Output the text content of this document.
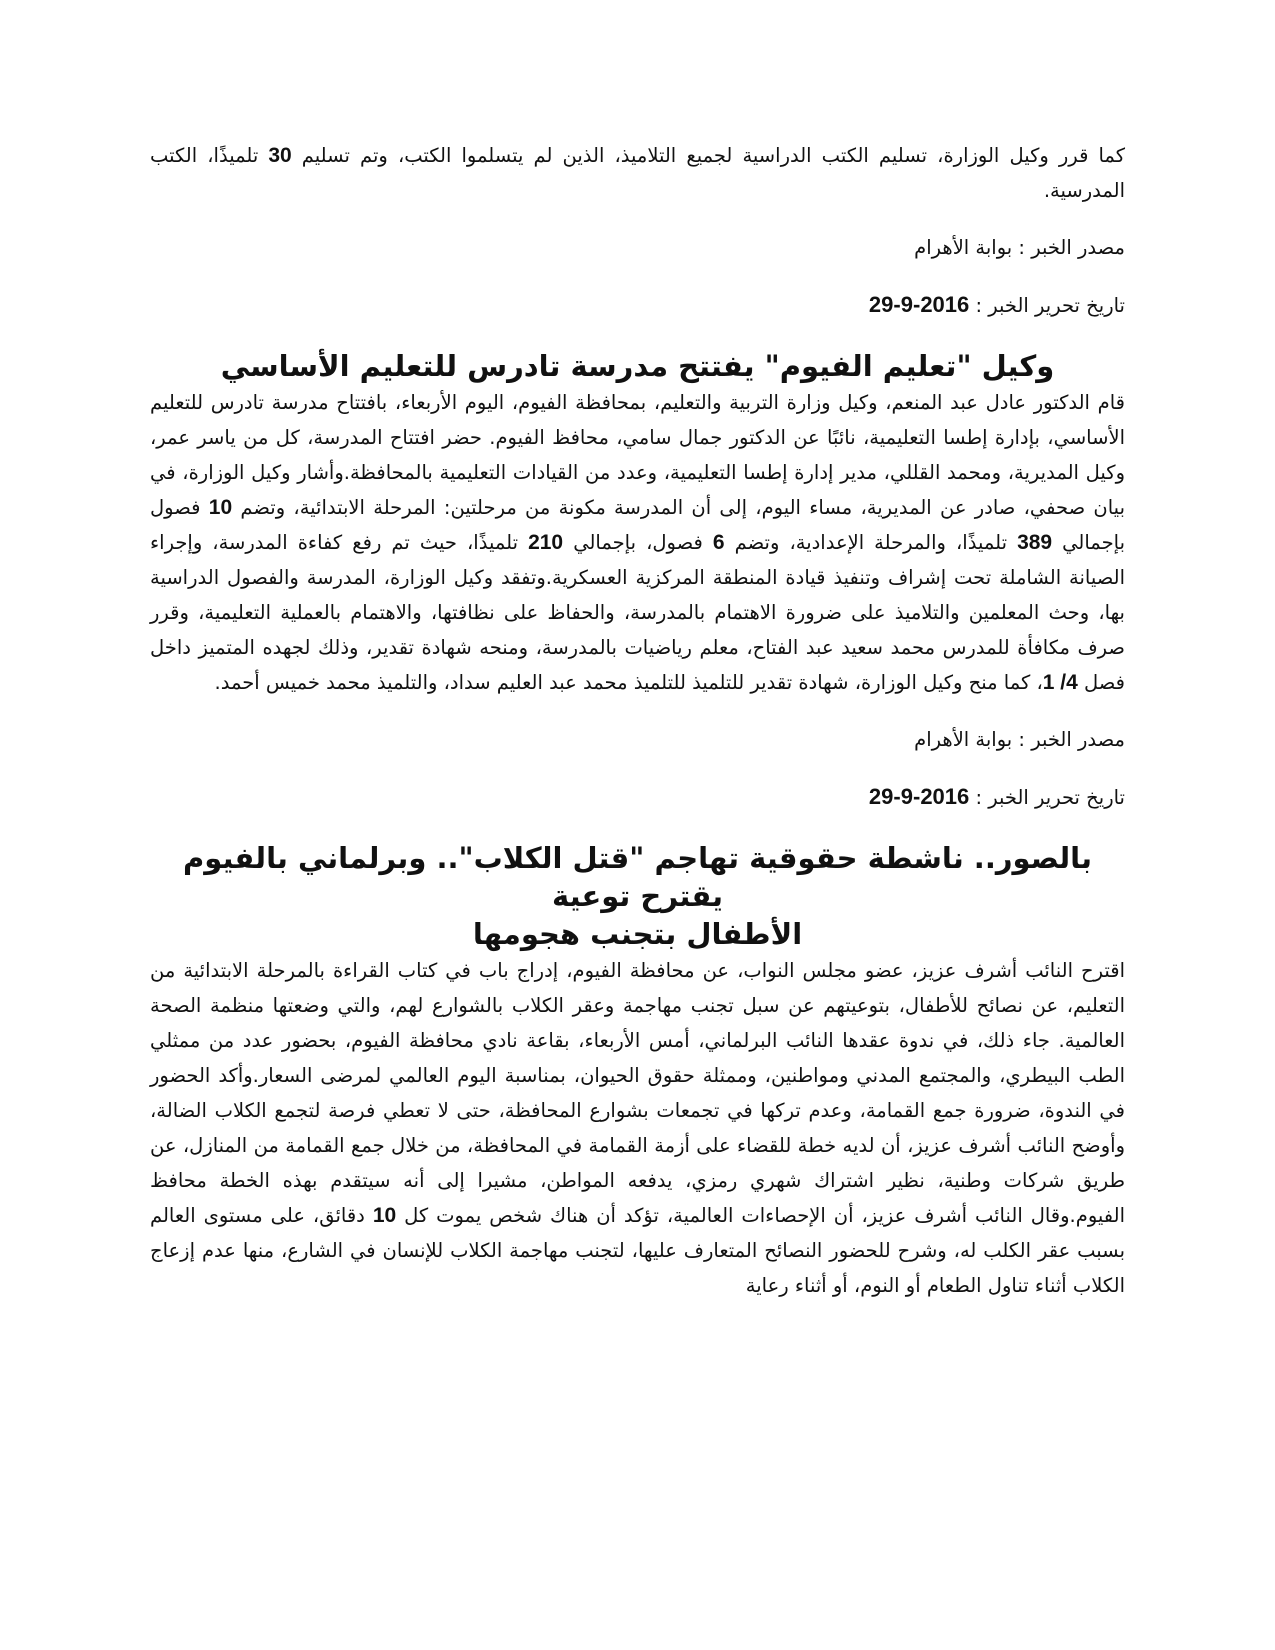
كما قرر وكيل الوزارة، تسليم الكتب الدراسية لجميع التلاميذ، الذين لم يتسلموا الكتب، وتم تسليم 30 تلميذًا، الكتب المدرسية.

مصدر الخبر : بوابة الأهرام

تاريخ تحرير الخبر : 2016-9-29

وكيل "تعليم الفيوم" يفتتح مدرسة تادرس للتعليم الأساسي

قام الدكتور عادل عبد المنعم، وكيل وزارة التربية والتعليم، بمحافظة الفيوم، اليوم الأربعاء، بافتتاح مدرسة تادرس للتعليم الأساسي، بإدارة إطسا التعليمية، نائبًا عن الدكتور جمال سامي، محافظ الفيوم. حضر افتتاح المدرسة، كل من ياسر عمر، وكيل المديرية، ومحمد القللي، مدير إدارة إطسا التعليمية، وعدد من القيادات التعليمية بالمحافظة.وأشار وكيل الوزارة، في بيان صحفي، صادر عن المديرية، مساء اليوم، إلى أن المدرسة مكونة من مرحلتين: المرحلة الابتدائية، وتضم 10 فصول بإجمالي 389 تلميذًا، والمرحلة الإعدادية، وتضم 6 فصول، بإجمالي 210 تلميذًا، حيث تم رفع كفاءة المدرسة، وإجراء الصيانة الشاملة تحت إشراف وتنفيذ قيادة المنطقة المركزية العسكرية.وتفقد وكيل الوزارة، المدرسة والفصول الدراسية بها، وحث المعلمين والتلاميذ على ضرورة الاهتمام بالمدرسة، والحفاظ على نظافتها، والاهتمام بالعملية التعليمية، وقرر صرف مكافأة للمدرس محمد سعيد عبد الفتاح، معلم رياضيات بالمدرسة، ومنحه شهادة تقدير، وذلك لجهده المتميز داخل فصل 4/ 1، كما منح وكيل الوزارة، شهادة تقدير للتلميذ للتلميذ محمد عبد العليم سداد، والتلميذ محمد خميس أحمد.

مصدر الخبر : بوابة الأهرام

تاريخ تحرير الخبر : 2016-9-29

بالصور.. ناشطة حقوقية تهاجم "قتل الكلاب".. وبرلماني بالفيوم يقترح توعية
الأطفال بتجنب هجومها

اقترح النائب أشرف عزيز، عضو مجلس النواب، عن محافظة الفيوم، إدراج باب في كتاب القراءة بالمرحلة الابتدائية من التعليم، عن نصائح للأطفال، بتوعيتهم عن سبل تجنب مهاجمة وعقر الكلاب بالشوارع لهم، والتي وضعتها منظمة الصحة العالمية. جاء ذلك، في ندوة عقدها النائب البرلماني، أمس الأربعاء، بقاعة نادي محافظة الفيوم، بحضور عدد من ممثلي الطب البيطري، والمجتمع المدني ومواطنين، وممثلة حقوق الحيوان، بمناسبة اليوم العالمي لمرضى السعار.وأكد الحضور في الندوة، ضرورة جمع القمامة، وعدم تركها في تجمعات بشوارع المحافظة، حتى لا تعطي فرصة لتجمع الكلاب الضالة، وأوضح النائب أشرف عزيز، أن لديه خطة للقضاء على أزمة القمامة في المحافظة، من خلال جمع القمامة من المنازل، عن طريق شركات وطنية، نظير اشتراك شهري رمزي، يدفعه المواطن، مشيرا إلى أنه سيتقدم بهذه الخطة محافظ الفيوم.وقال النائب أشرف عزيز، أن الإحصاءات العالمية، تؤكد أن هناك شخص يموت كل 10 دقائق، على مستوى العالم بسبب عقر الكلب له، وشرح للحضور النصائح المتعارف عليها، لتجنب مهاجمة الكلاب للإنسان في الشارع، منها عدم إزعاج الكلاب أثناء تناول الطعام أو النوم، أو أثناء رعاية
